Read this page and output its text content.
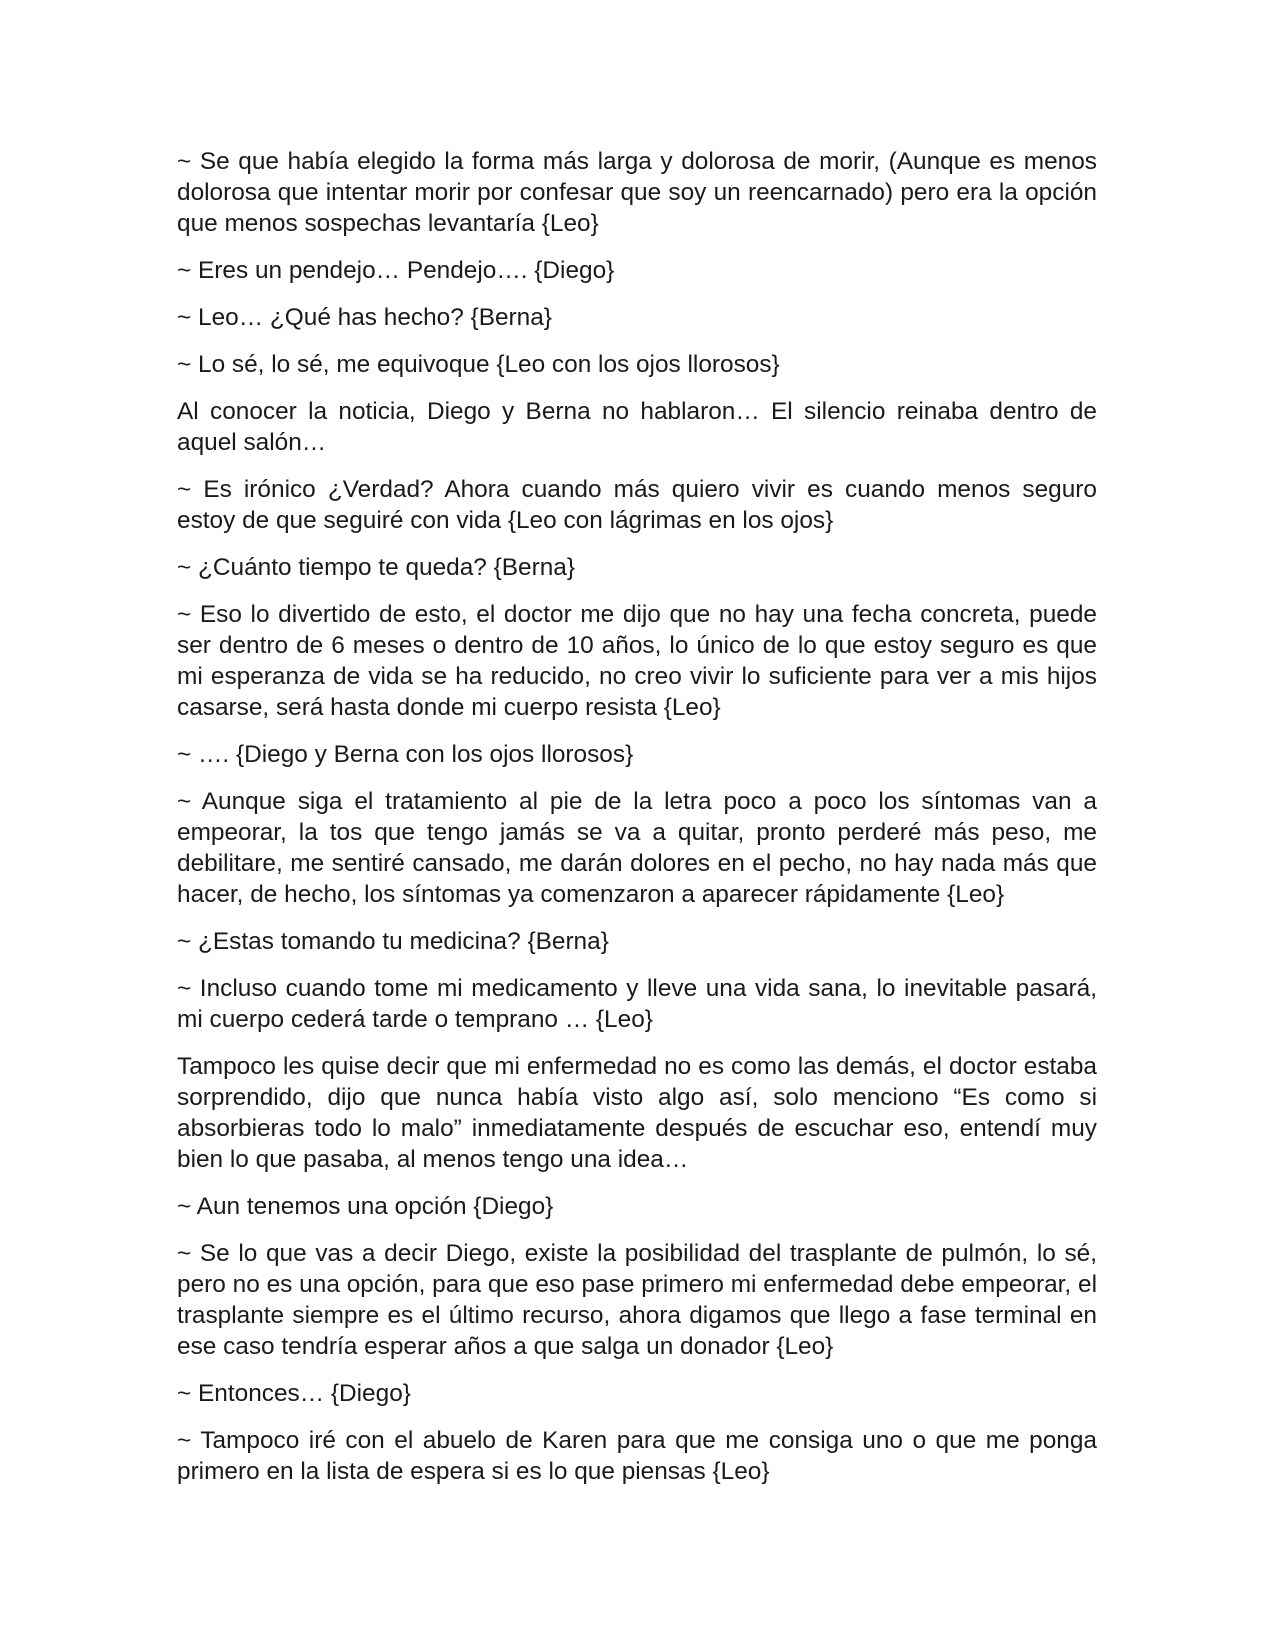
~ Se que había elegido la forma más larga y dolorosa de morir, (Aunque es menos dolorosa que intentar morir por confesar que soy un reencarnado) pero era la opción que menos sospechas levantaría {Leo}

~ Eres un pendejo… Pendejo…. {Diego}

~ Leo… ¿Qué has hecho? {Berna}

~ Lo sé, lo sé, me equivoque {Leo con los ojos llorosos}

Al conocer la noticia, Diego y Berna no hablaron… El silencio reinaba dentro de aquel salón…

~ Es irónico ¿Verdad? Ahora cuando más quiero vivir es cuando menos seguro estoy de que seguiré con vida {Leo con lágrimas en los ojos}

~ ¿Cuánto tiempo te queda? {Berna}

~ Eso lo divertido de esto, el doctor me dijo que no hay una fecha concreta, puede ser dentro de 6 meses o dentro de 10 años, lo único de lo que estoy seguro es que mi esperanza de vida se ha reducido, no creo vivir lo suficiente para ver a mis hijos casarse, será hasta donde mi cuerpo resista {Leo}

~ …. {Diego y Berna con los ojos llorosos}

~ Aunque siga el tratamiento al pie de la letra poco a poco los síntomas van a empeorar, la tos que tengo jamás se va a quitar, pronto perderé más peso, me debilitare, me sentiré cansado, me darán dolores en el pecho, no hay nada más que hacer, de hecho, los síntomas ya comenzaron a aparecer rápidamente {Leo}

~ ¿Estas tomando tu medicina? {Berna}

~ Incluso cuando tome mi medicamento y lleve una vida sana, lo inevitable pasará, mi cuerpo cederá tarde o temprano … {Leo}

Tampoco les quise decir que mi enfermedad no es como las demás, el doctor estaba sorprendido, dijo que nunca había visto algo así, solo menciono “Es como si absorbieras todo lo malo” inmediatamente después de escuchar eso, entendí muy bien lo que pasaba, al menos tengo una idea…

~ Aun tenemos una opción {Diego}

~ Se lo que vas a decir Diego, existe la posibilidad del trasplante de pulmón, lo sé, pero no es una opción, para que eso pase primero mi enfermedad debe empeorar, el trasplante siempre es el último recurso, ahora digamos que llego a fase terminal en ese caso tendría esperar años a que salga un donador {Leo}

~ Entonces… {Diego}

~ Tampoco iré con el abuelo de Karen para que me consiga uno o que me ponga primero en la lista de espera si es lo que piensas {Leo}
